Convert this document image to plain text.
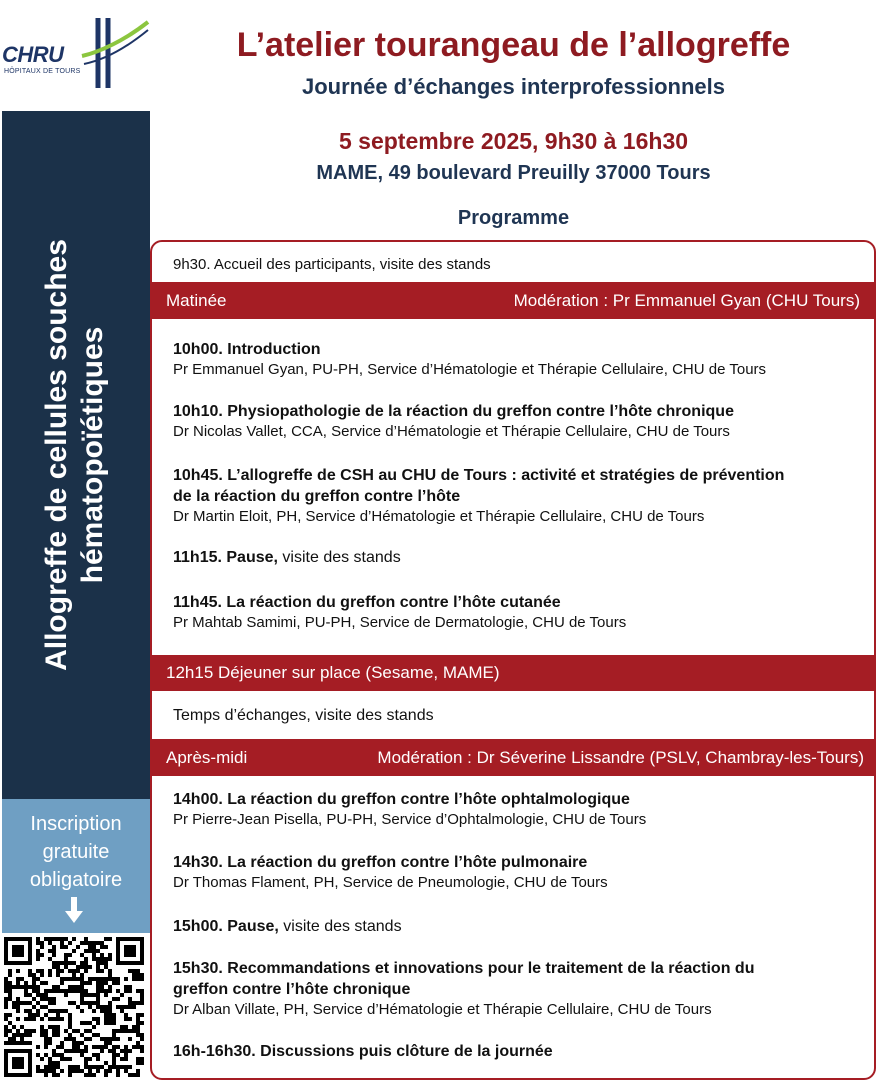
CHRU
HÔPITAUX DE TOURS
L’atelier tourangeau de l’allogreffe
Journée d’échanges interprofessionnels
5 septembre 2025, 9h30 à 16h30
MAME, 49 boulevard Preuilly 37000 Tours
Programme
Allogreffe de cellules souches hématopoïétiques
Inscription
gratuite
obligatoire
9h30. Accueil des participants, visite des stands
Matinée	Modération : Pr Emmanuel Gyan (CHU Tours)
10h00. Introduction
Pr Emmanuel Gyan, PU-PH, Service d’Hématologie et Thérapie Cellulaire, CHU de Tours
10h10. Physiopathologie de la réaction du greffon contre l’hôte chronique
Dr Nicolas Vallet, CCA, Service d’Hématologie et Thérapie Cellulaire, CHU de Tours
10h45. L’allogreffe de CSH au CHU de Tours : activité et stratégies de prévention
de la réaction du greffon contre l’hôte
Dr Martin Eloit, PH, Service d’Hématologie et Thérapie Cellulaire, CHU de Tours
11h15. Pause, visite des stands
11h45. La réaction du greffon contre l’hôte cutanée
Pr Mahtab Samimi, PU-PH, Service de Dermatologie, CHU de Tours
12h15 Déjeuner sur place (Sesame, MAME)
Temps d’échanges, visite des stands
Après-midi	Modération : Dr Séverine Lissandre (PSLV, Chambray-les-Tours)
14h00. La réaction du greffon contre l’hôte ophtalmologique
Pr Pierre-Jean Pisella, PU-PH, Service d’Ophtalmologie, CHU de Tours
14h30. La réaction du greffon contre l’hôte pulmonaire
Dr Thomas Flament, PH, Service de Pneumologie, CHU de Tours
15h00. Pause, visite des stands
15h30. Recommandations et innovations pour le traitement de la réaction du
greffon contre l’hôte chronique
Dr Alban Villate, PH, Service d’Hématologie et Thérapie Cellulaire, CHU de Tours
16h-16h30. Discussions puis clôture de la journée
